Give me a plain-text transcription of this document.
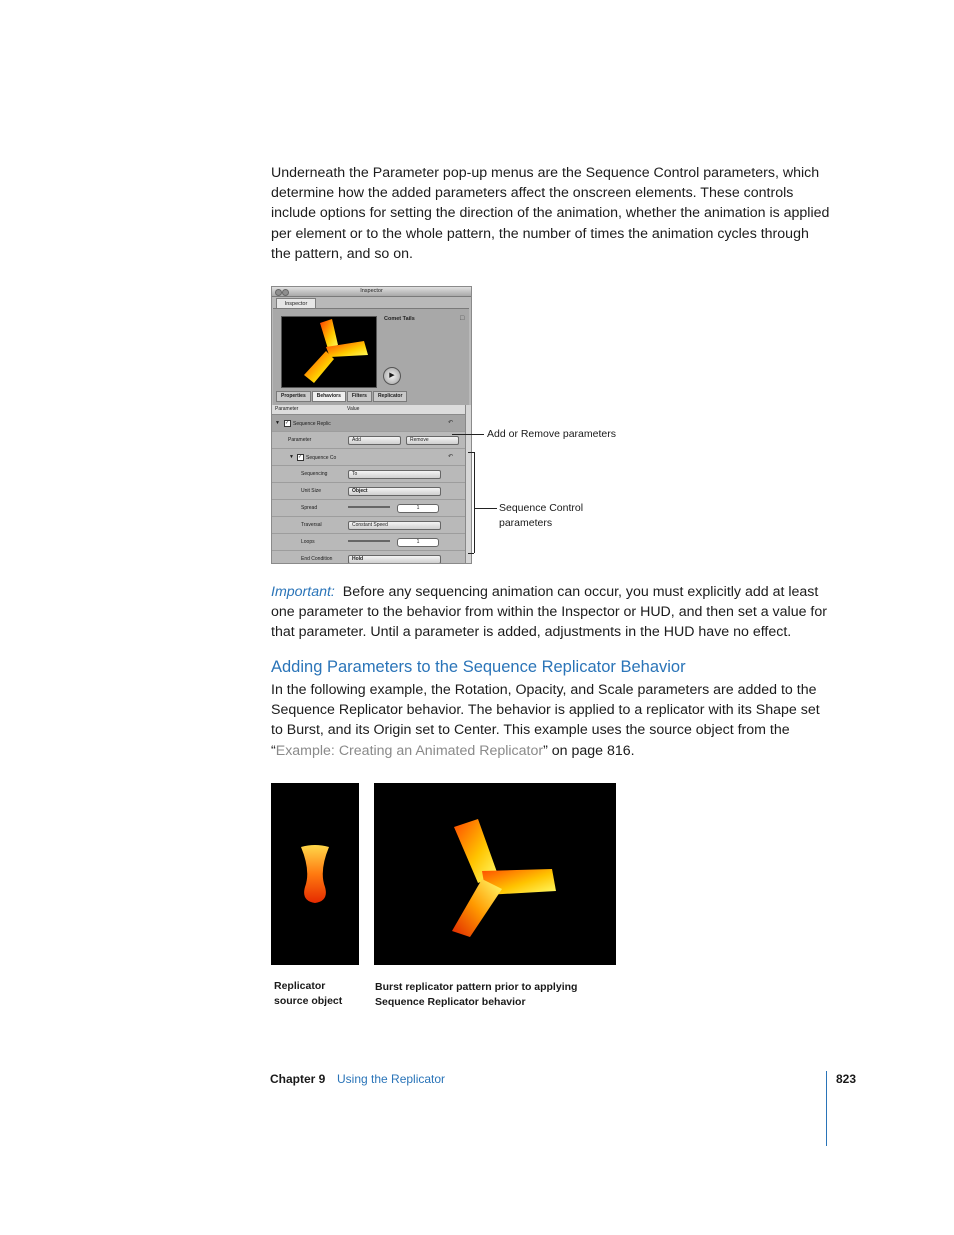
Underneath the Parameter pop-up menus are the Sequence Control parameters, which determine how the added parameters affect the onscreen elements. These controls include options for setting the direction of the animation, whether the animation is applied per element or to the whole pattern, the number of times the animation cycles through the pattern, and so on.
Inspector
Inspector
Comet Tails	□
▶
Properties	Behaviors	Filters	Replicator
Parameter	Value
▼ ✓ Sequence Replic	↶
Parameter	Add	Remove
▼ ✓ Sequence Co	↶
Sequencing	To
Unit Size	Object
Spread	1
Traversal	Constant Speed
Loops	1
End Condition	Hold
Add or Remove parameters
Sequence Control
parameters
Important: Before any sequencing animation can occur, you must explicitly add at least one parameter to the behavior from within the Inspector or HUD, and then set a value for that parameter. Until a parameter is added, adjustments in the HUD have no effect.
Adding Parameters to the Sequence Replicator Behavior
In the following example, the Rotation, Opacity, and Scale parameters are added to the Sequence Replicator behavior. The behavior is applied to a replicator with its Shape set to Burst, and its Origin set to Center. This example uses the source object from the “Example: Creating an Animated Replicator” on page 816.
Replicator
source object
Burst replicator pattern prior to applying
Sequence Replicator behavior
Chapter 9 Using the Replicator	823
